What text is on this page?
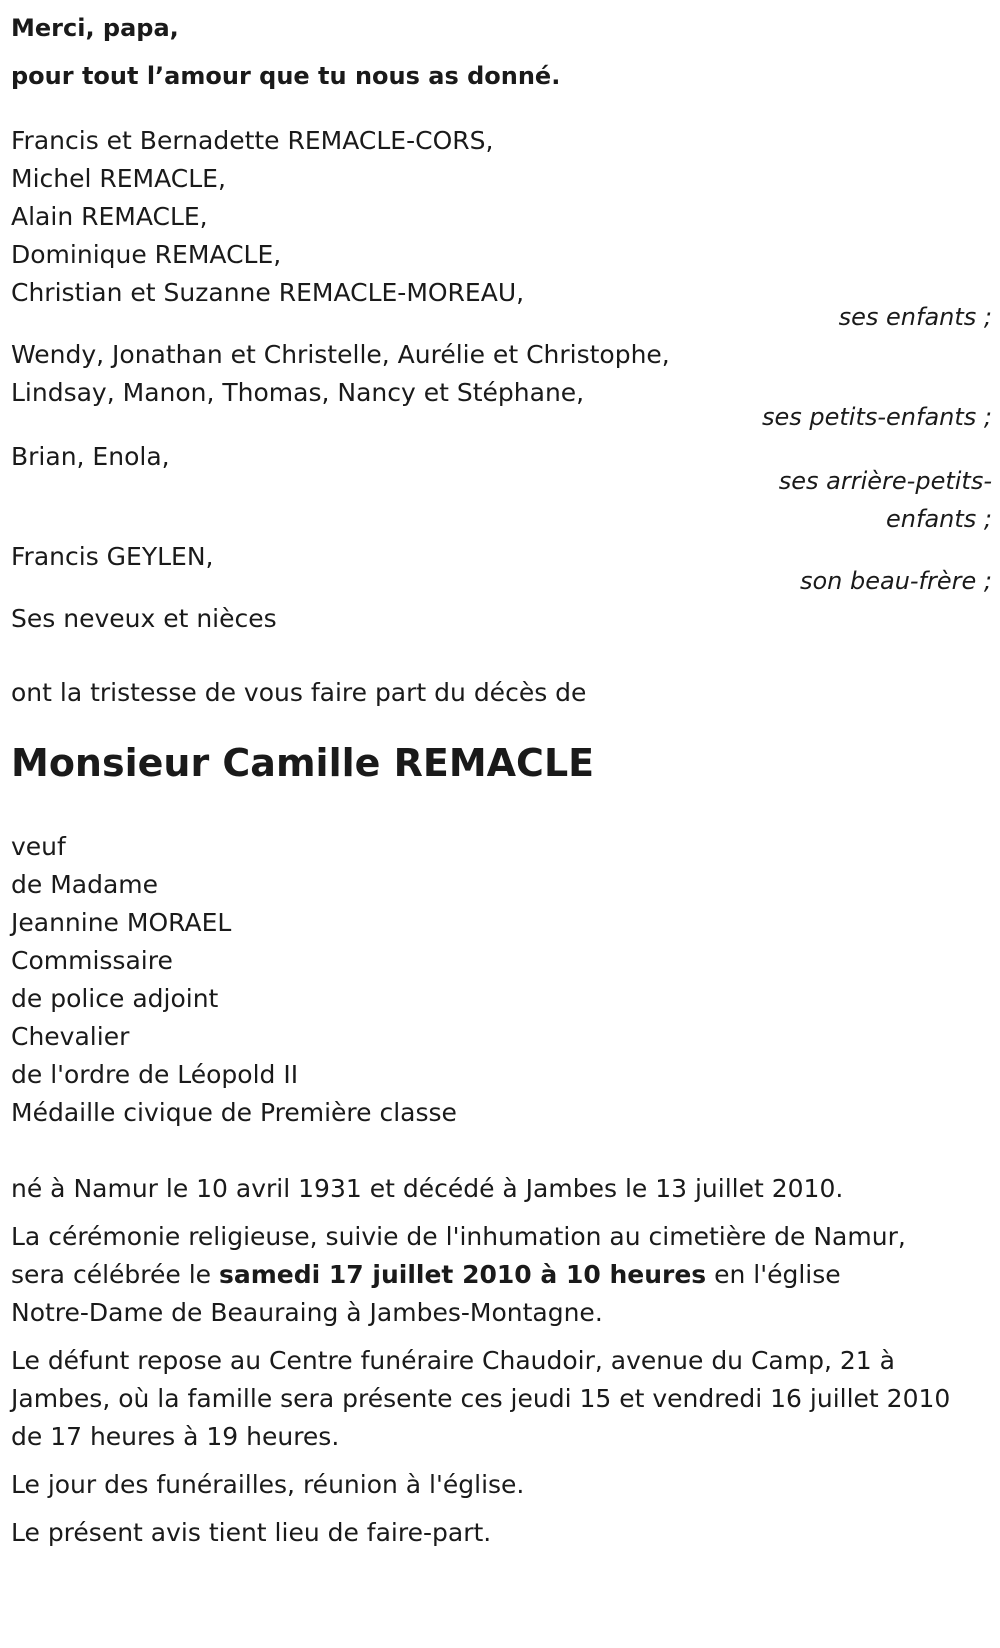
Merci, papa,
pour tout l’amour que tu nous as donné.
Francis et Bernadette REMACLE-CORS,
Michel REMACLE,
Alain REMACLE,
Dominique REMACLE,
Christian et Suzanne REMACLE-MOREAU,
ses enfants ;
Wendy, Jonathan et Christelle, Aurélie et Christophe,
Lindsay, Manon, Thomas, Nancy et Stéphane,
ses petits-enfants ;
Brian, Enola,
ses arrière-petits-
enfants ;
Francis GEYLEN,
son beau-frère ;
Ses neveux et nièces
ont la tristesse de vous faire part du décès de
Monsieur Camille REMACLE
veuf
de Madame
Jeannine MORAEL
Commissaire
de police adjoint
Chevalier
de l'ordre de Léopold II
Médaille civique de Première classe
né à Namur le 10 avril 1931 et décédé à Jambes le 13 juillet 2010.
La cérémonie religieuse, suivie de l'inhumation au cimetière de Namur,
sera célébrée le samedi 17 juillet 2010 à 10 heures en l'église
Notre-Dame de Beauraing à Jambes-Montagne.
Le défunt repose au Centre funéraire Chaudoir, avenue du Camp, 21 à
Jambes, où la famille sera présente ces jeudi 15 et vendredi 16 juillet 2010
de 17 heures à 19 heures.
Le jour des funérailles, réunion à l'église.
Le présent avis tient lieu de faire-part.
